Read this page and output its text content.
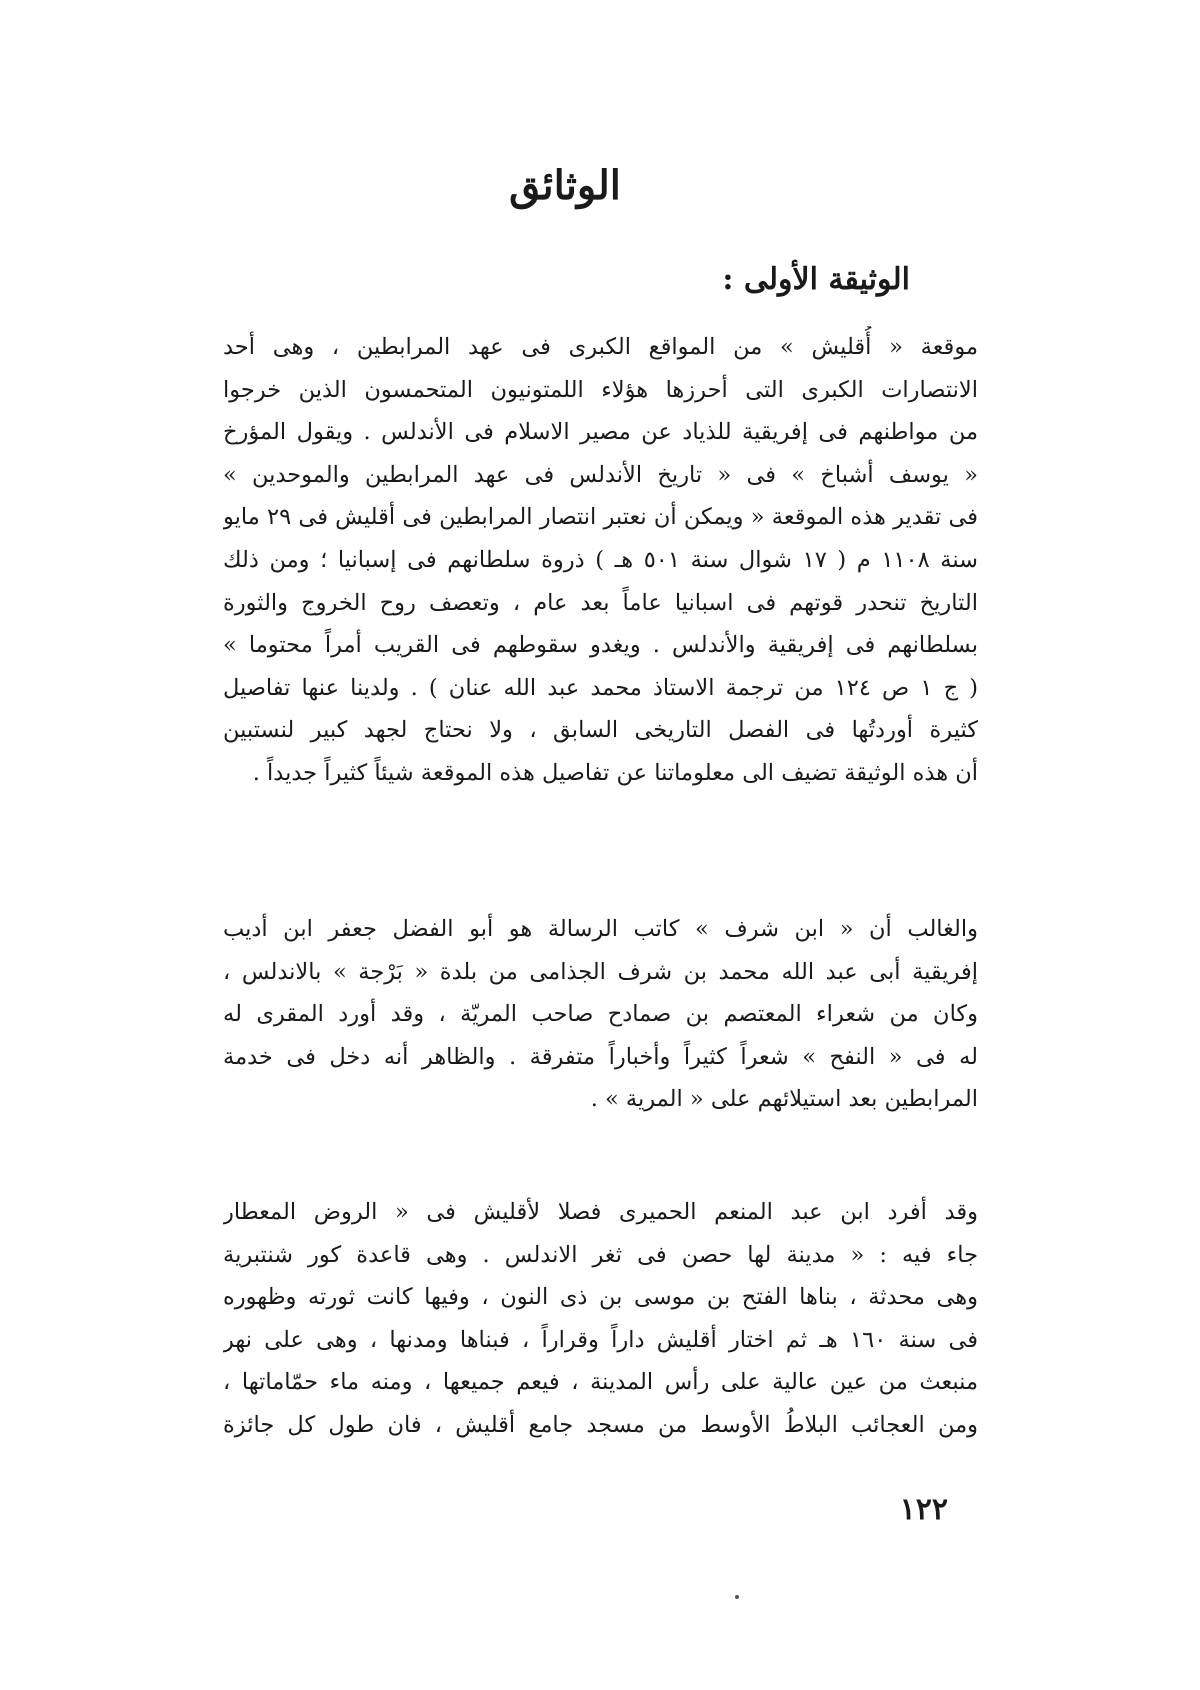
الوثائق
الوثيقة الأولى :

موقعة « أُقليش » من المواقع الكبرى فى عهد المرابطين ، وهى أحد
الانتصارات الكبرى التى أحرزها هؤلاء اللمتونيون المتحمسون الذين خرجوا
من مواطنهم فى إفريقية للذياد عن مصير الاسلام فى الأندلس . ويقول المؤرخ
« يوسف أشباخ » فى « تاريخ الأندلس فى عهد المرابطين والموحدين »
فى تقدير هذه الموقعة « ويمكن أن نعتبر انتصار المرابطين فى أقليش فى ٢٩ مايو
سنة ١١٠٨ م ( ١٧ شوال سنة ٥٠١ هـ ) ذروة سلطانهم فى إسبانيا ؛ ومن ذلك
التاريخ تنحدر قوتهم فى اسبانيا عاماً بعد عام ، وتعصف روح الخروج والثورة
بسلطانهم فى إفريقية والأندلس . ويغدو سقوطهم فى القريب أمراً محتوما »
( ج ١ ص ١٢٤ من ترجمة الاستاذ محمد عبد الله عنان ) . ولدينا عنها تفاصيل
كثيرة أوردتُها فى الفصل التاريخى السابق ، ولا نحتاج لجهد كبير لنستبين
أن هذه الوثيقة تضيف الى معلوماتنا عن تفاصيل هذه الموقعة شيئاً كثيراً جديداً .

والغالب أن « ابن شرف » كاتب الرسالة هو أبو الفضل جعفر ابن أديب
إفريقية أبى عبد الله محمد بن شرف الجذامى من بلدة « بَرْجة » بالاندلس ،
وكان من شعراء المعتصم بن صمادح صاحب المريّة ، وقد أورد المقرى له
له فى « النفح » شعراً كثيراً وأخباراً متفرقة . والظاهر أنه دخل فى خدمة
المرابطين بعد استيلائهم على « المرية » .

وقد أفرد ابن عبد المنعم الحميرى فصلا لأقليش فى « الروض المعطار
جاء فيه : « مدينة لها حصن فى ثغر الاندلس . وهى قاعدة كور شنتبرية
وهى محدثة ، بناها الفتح بن موسى بن ذى النون ، وفيها كانت ثورته وظهوره
فى سنة ١٦٠ هـ ثم اختار أقليش داراً وقراراً ، فبناها ومدنها ، وهى على نهر
منبعث من عين عالية على رأس المدينة ، فيعم جميعها ، ومنه ماء حمّاماتها ،
ومن العجائب البلاطُ الأوسط من مسجد جامع أقليش ، فان طول كل جائزة

١٢٢
